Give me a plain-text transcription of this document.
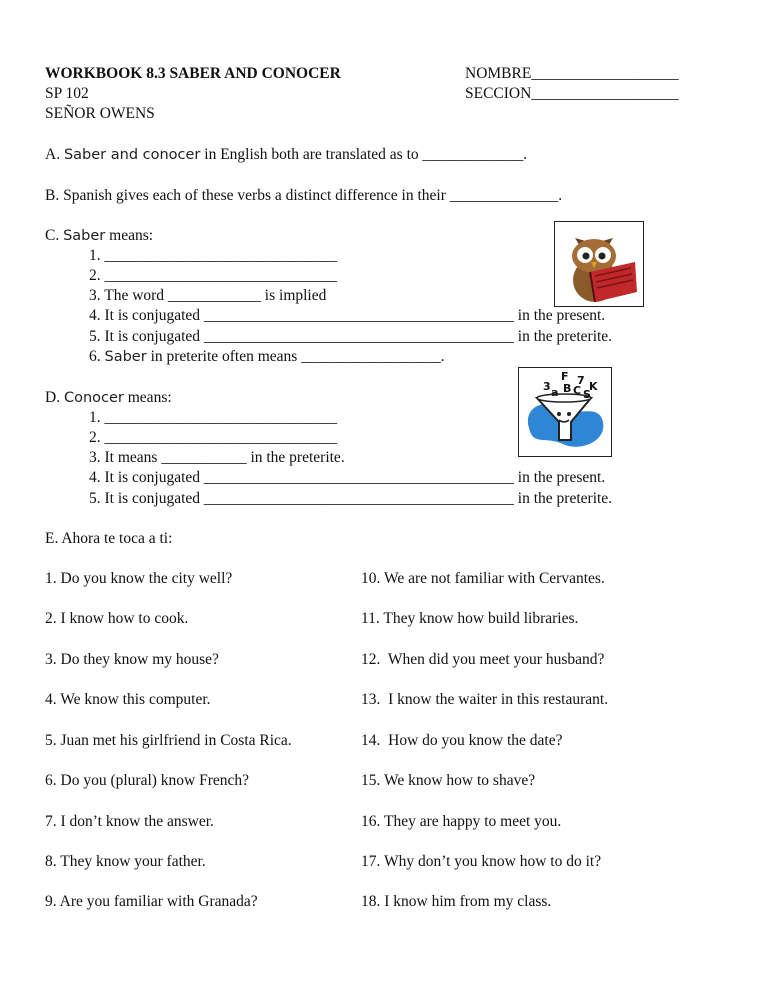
WORKBOOK 8.3 SABER AND CONOCER
SP 102
SEÑOR OWENS
NOMBRE___________________
SECCION___________________
A. Saber and conocer in English both are translated as to _____________.
B. Spanish gives each of these verbs a distinct difference in their ______________.
C. Saber means:
1. ______________________________
2. ______________________________
3. The word ____________ is implied
4. It is conjugated ________________________________________ in the present.
5. It is conjugated ________________________________________ in the preterite.
6. Saber in preterite often means __________________.
D. Conocer means:
1. ______________________________
2. ______________________________
3. It means ___________ in the preterite.
4. It is conjugated ________________________________________ in the present.
5. It is conjugated ________________________________________ in the preterite.
3
F 7 K
a B C S
E. Ahora te toca a ti:
1. Do you know the city well?
2. I know how to cook.
3. Do they know my house?
4. We know this computer.
5. Juan met his girlfriend in Costa Rica.
6. Do you (plural) know French?
7. I don’t know the answer.
8. They know your father.
9. Are you familiar with Granada?
10. We are not familiar with Cervantes.
11. They know how build libraries.
12.  When did you meet your husband?
13.  I know the waiter in this restaurant.
14.  How do you know the date?
15. We know how to shave?
16. They are happy to meet you.
17. Why don’t you know how to do it?
18. I know him from my class.
